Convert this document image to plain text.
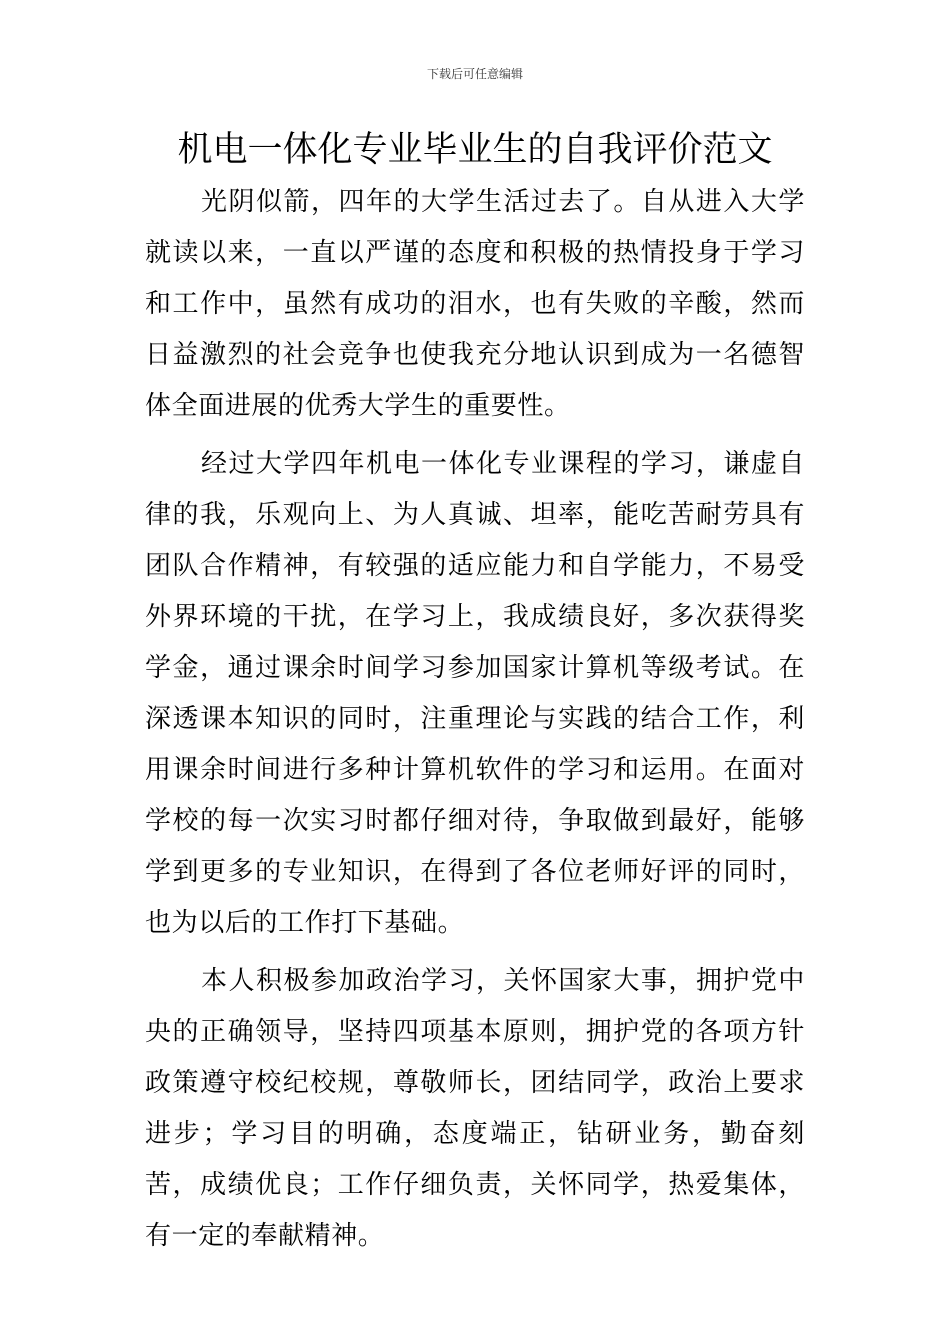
下载后可任意编辑
机电一体化专业毕业生的自我评价范文

光阴似箭，四年的大学生活过去了。自从进入大学就读以来，一直以严谨的态度和积极的热情投身于学习和工作中，虽然有成功的泪水，也有失败的辛酸，然而日益激烈的社会竞争也使我充分地认识到成为一名德智体全面进展的优秀大学生的重要性。

经过大学四年机电一体化专业课程的学习，谦虚自律的我，乐观向上、为人真诚、坦率，能吃苦耐劳具有团队合作精神，有较强的适应能力和自学能力，不易受外界环境的干扰，在学习上，我成绩良好，多次获得奖学金，通过课余时间学习参加国家计算机等级考试。在深透课本知识的同时，注重理论与实践的结合工作，利用课余时间进行多种计算机软件的学习和运用。在面对学校的每一次实习时都仔细对待，争取做到最好，能够学到更多的专业知识，在得到了各位老师好评的同时，也为以后的工作打下基础。

本人积极参加政治学习，关怀国家大事，拥护党中央的正确领导，坚持四项基本原则，拥护党的各项方针政策遵守校纪校规，尊敬师长，团结同学，政治上要求进步；学习目的明确，态度端正，钻研业务，勤奋刻苦，成绩优良；工作仔细负责，关怀同学，热爱集体，有一定的奉献精神。
